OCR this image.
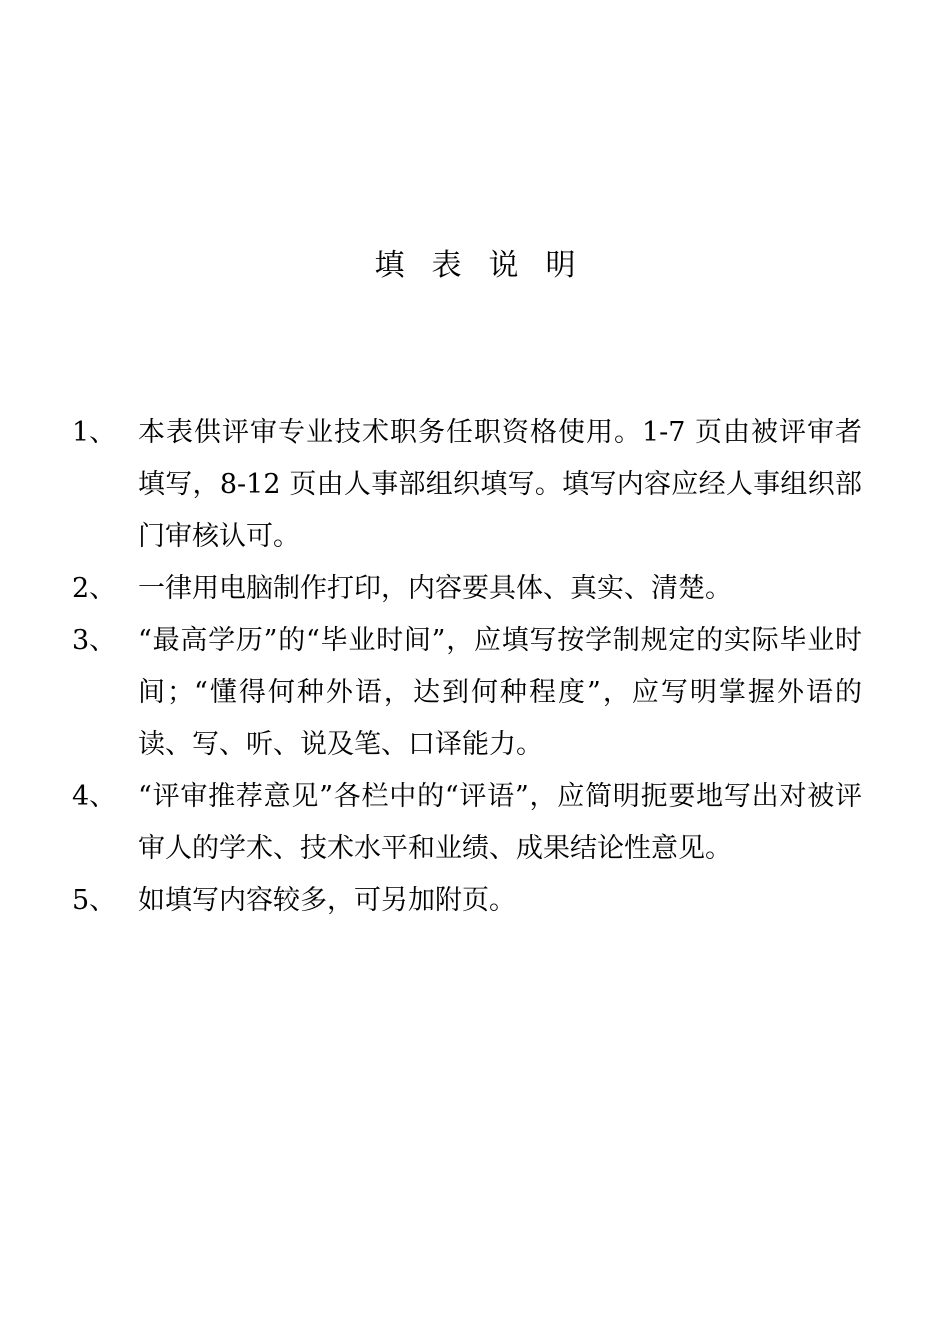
填表说明
1、 本表供评审专业技术职务任职资格使用。1-7 页由被评审者填写，8-12 页由人事部组织填写。填写内容应经人事组织部门审核认可。
2、 一律用电脑制作打印，内容要具体、真实、清楚。
3、 “最高学历”的“毕业时间”，应填写按学制规定的实际毕业时间；“懂得何种外语，达到何种程度”，应写明掌握外语的读、写、听、说及笔、口译能力。
4、 “评审推荐意见”各栏中的“评语”，应简明扼要地写出对被评审人的学术、技术水平和业绩、成果结论性意见。
5、 如填写内容较多，可另加附页。
